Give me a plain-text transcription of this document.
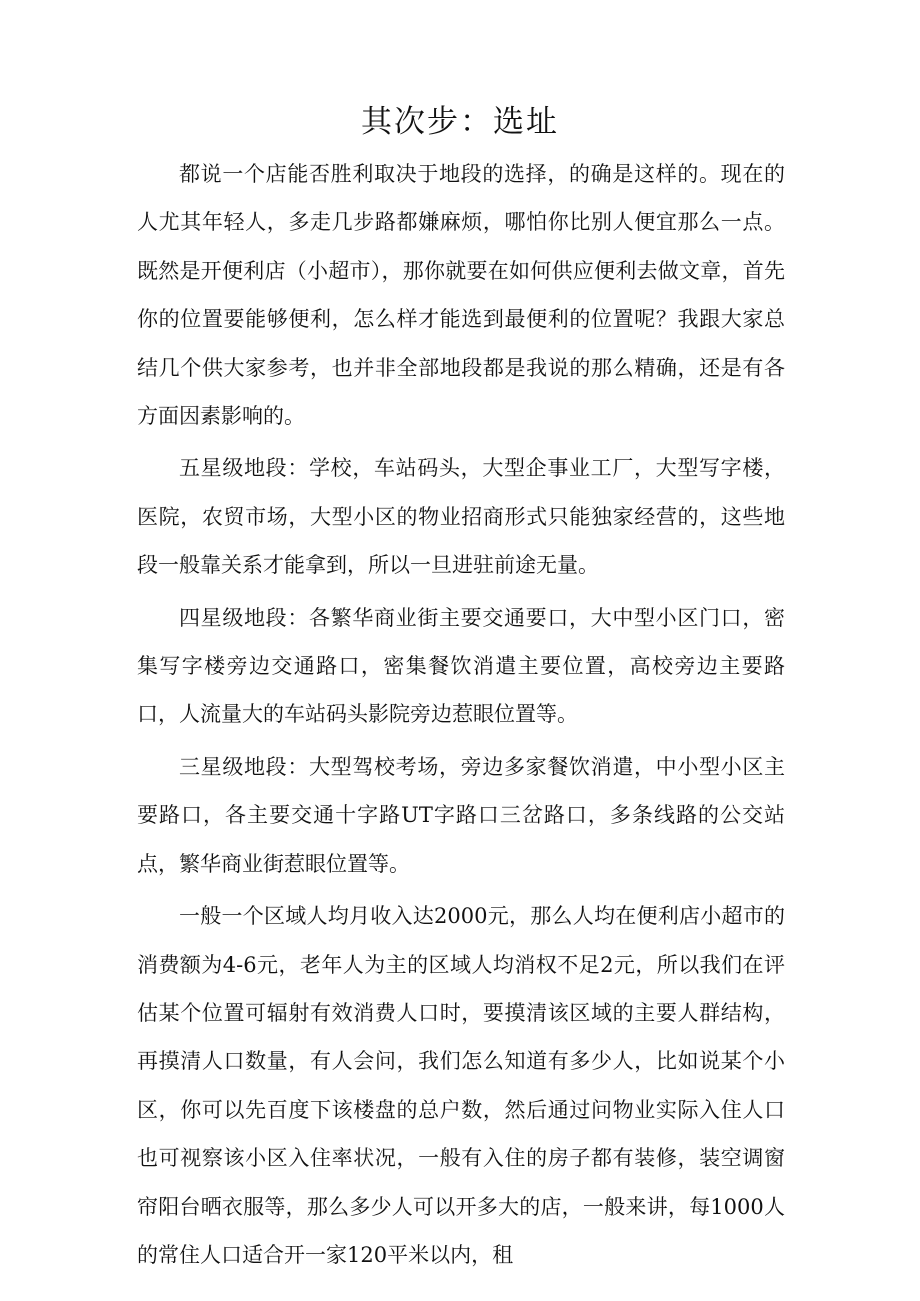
其次步：选址

都说一个店能否胜利取决于地段的选择，的确是这样的。现在的人尤其年轻人，多走几步路都嫌麻烦，哪怕你比别人便宜那么一点。既然是开便利店（小超市），那你就要在如何供应便利去做文章，首先你的位置要能够便利，怎么样才能选到最便利的位置呢？我跟大家总结几个供大家参考，也并非全部地段都是我说的那么精确，还是有各方面因素影响的。

五星级地段：学校，车站码头，大型企事业工厂，大型写字楼，医院，农贸市场，大型小区的物业招商形式只能独家经营的，这些地段一般靠关系才能拿到，所以一旦进驻前途无量。

四星级地段：各繁华商业街主要交通要口，大中型小区门口，密集写字楼旁边交通路口，密集餐饮消遣主要位置，高校旁边主要路口，人流量大的车站码头影院旁边惹眼位置等。

三星级地段：大型驾校考场，旁边多家餐饮消遣，中小型小区主要路口，各主要交通十字路UT字路口三岔路口，多条线路的公交站点，繁华商业街惹眼位置等。

一般一个区域人均月收入达2000元，那么人均在便利店小超市的消费额为4-6元，老年人为主的区域人均消权不足2元，所以我们在评估某个位置可辐射有效消费人口时，要摸清该区域的主要人群结构，再摸清人口数量，有人会问，我们怎么知道有多少人，比如说某个小区，你可以先百度下该楼盘的总户数，然后通过问物业实际入住人口也可视察该小区入住率状况，一般有入住的房子都有装修，装空调窗帘阳台晒衣服等，那么多少人可以开多大的店，一般来讲，每1000人的常住人口适合开一家120平米以内，租
